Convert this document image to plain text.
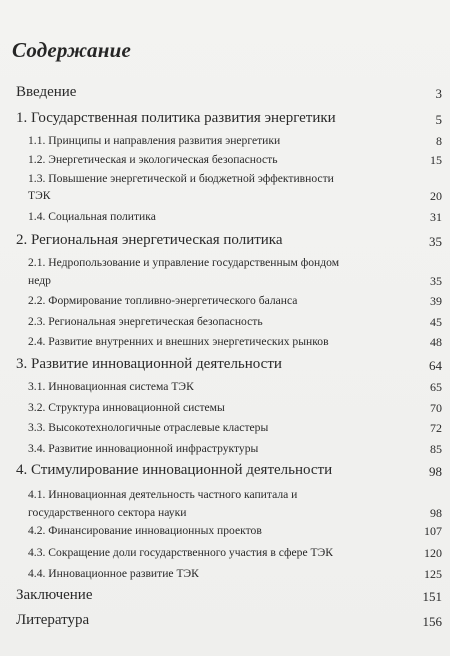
Содержание
Введение	3
1. Государственная политика развития энергетики	5
1.1. Принципы и направления развития энергетики	8
1.2. Энергетическая и экологическая безопасность	15
1.3. Повышение энергетической и бюджетной эффективности
ТЭК	20
1.4. Социальная политика	31
2. Региональная энергетическая политика	35
2.1. Недропользование и управление государственным фондом
недр	35
2.2. Формирование топливно-энергетического баланса	39
2.3. Региональная энергетическая безопасность	45
2.4. Развитие внутренних и внешних энергетических рынков	48
3. Развитие инновационной деятельности	64
3.1. Инновационная система ТЭК	65
3.2. Структура инновационной системы	70
3.3. Высокотехнологичные отраслевые кластеры	72
3.4. Развитие инновационной инфраструктуры	85
4. Стимулирование инновационной деятельности	98
4.1. Инновационная деятельность частного капитала и
государственного сектора науки	98
4.2. Финансирование инновационных проектов	107
4.3. Сокращение доли государственного участия в сфере ТЭК	120
4.4. Инновационное развитие ТЭК	125
Заключение	151
Литература	156
